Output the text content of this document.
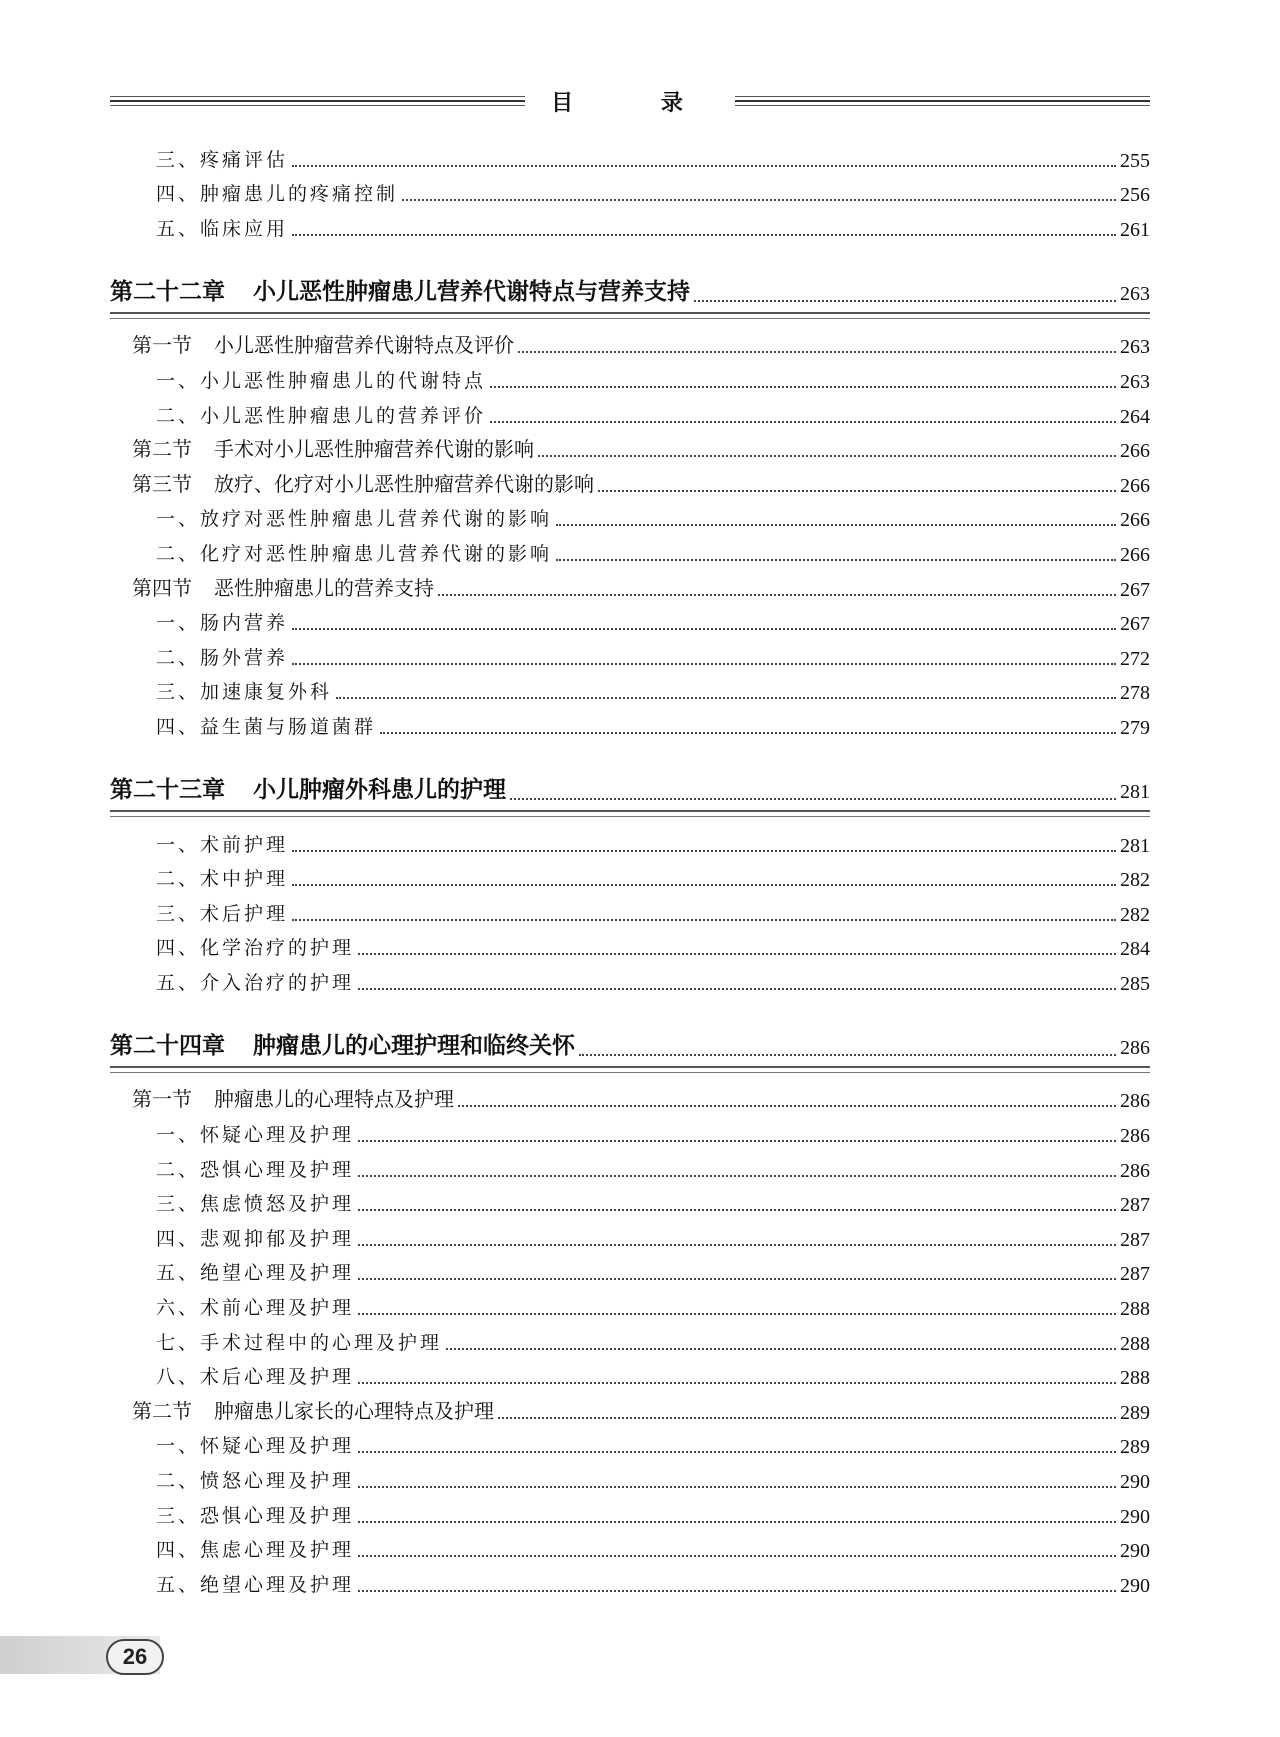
目 录
三、疼痛评估	255
四、肿瘤患儿的疼痛控制	256
五、临床应用	261
第二十二章 小儿恶性肿瘤患儿营养代谢特点与营养支持	263
第一节 小儿恶性肿瘤营养代谢特点及评价	263
一、小儿恶性肿瘤患儿的代谢特点	263
二、小儿恶性肿瘤患儿的营养评价	264
第二节 手术对小儿恶性肿瘤营养代谢的影响	266
第三节 放疗、化疗对小儿恶性肿瘤营养代谢的影响	266
一、放疗对恶性肿瘤患儿营养代谢的影响	266
二、化疗对恶性肿瘤患儿营养代谢的影响	266
第四节 恶性肿瘤患儿的营养支持	267
一、肠内营养	267
二、肠外营养	272
三、加速康复外科	278
四、益生菌与肠道菌群	279
第二十三章 小儿肿瘤外科患儿的护理	281
一、术前护理	281
二、术中护理	282
三、术后护理	282
四、化学治疗的护理	284
五、介入治疗的护理	285
第二十四章 肿瘤患儿的心理护理和临终关怀	286
第一节 肿瘤患儿的心理特点及护理	286
一、怀疑心理及护理	286
二、恐惧心理及护理	286
三、焦虑愤怒及护理	287
四、悲观抑郁及护理	287
五、绝望心理及护理	287
六、术前心理及护理	288
七、手术过程中的心理及护理	288
八、术后心理及护理	288
第二节 肿瘤患儿家长的心理特点及护理	289
一、怀疑心理及护理	289
二、愤怒心理及护理	290
三、恐惧心理及护理	290
四、焦虑心理及护理	290
五、绝望心理及护理	290
26
